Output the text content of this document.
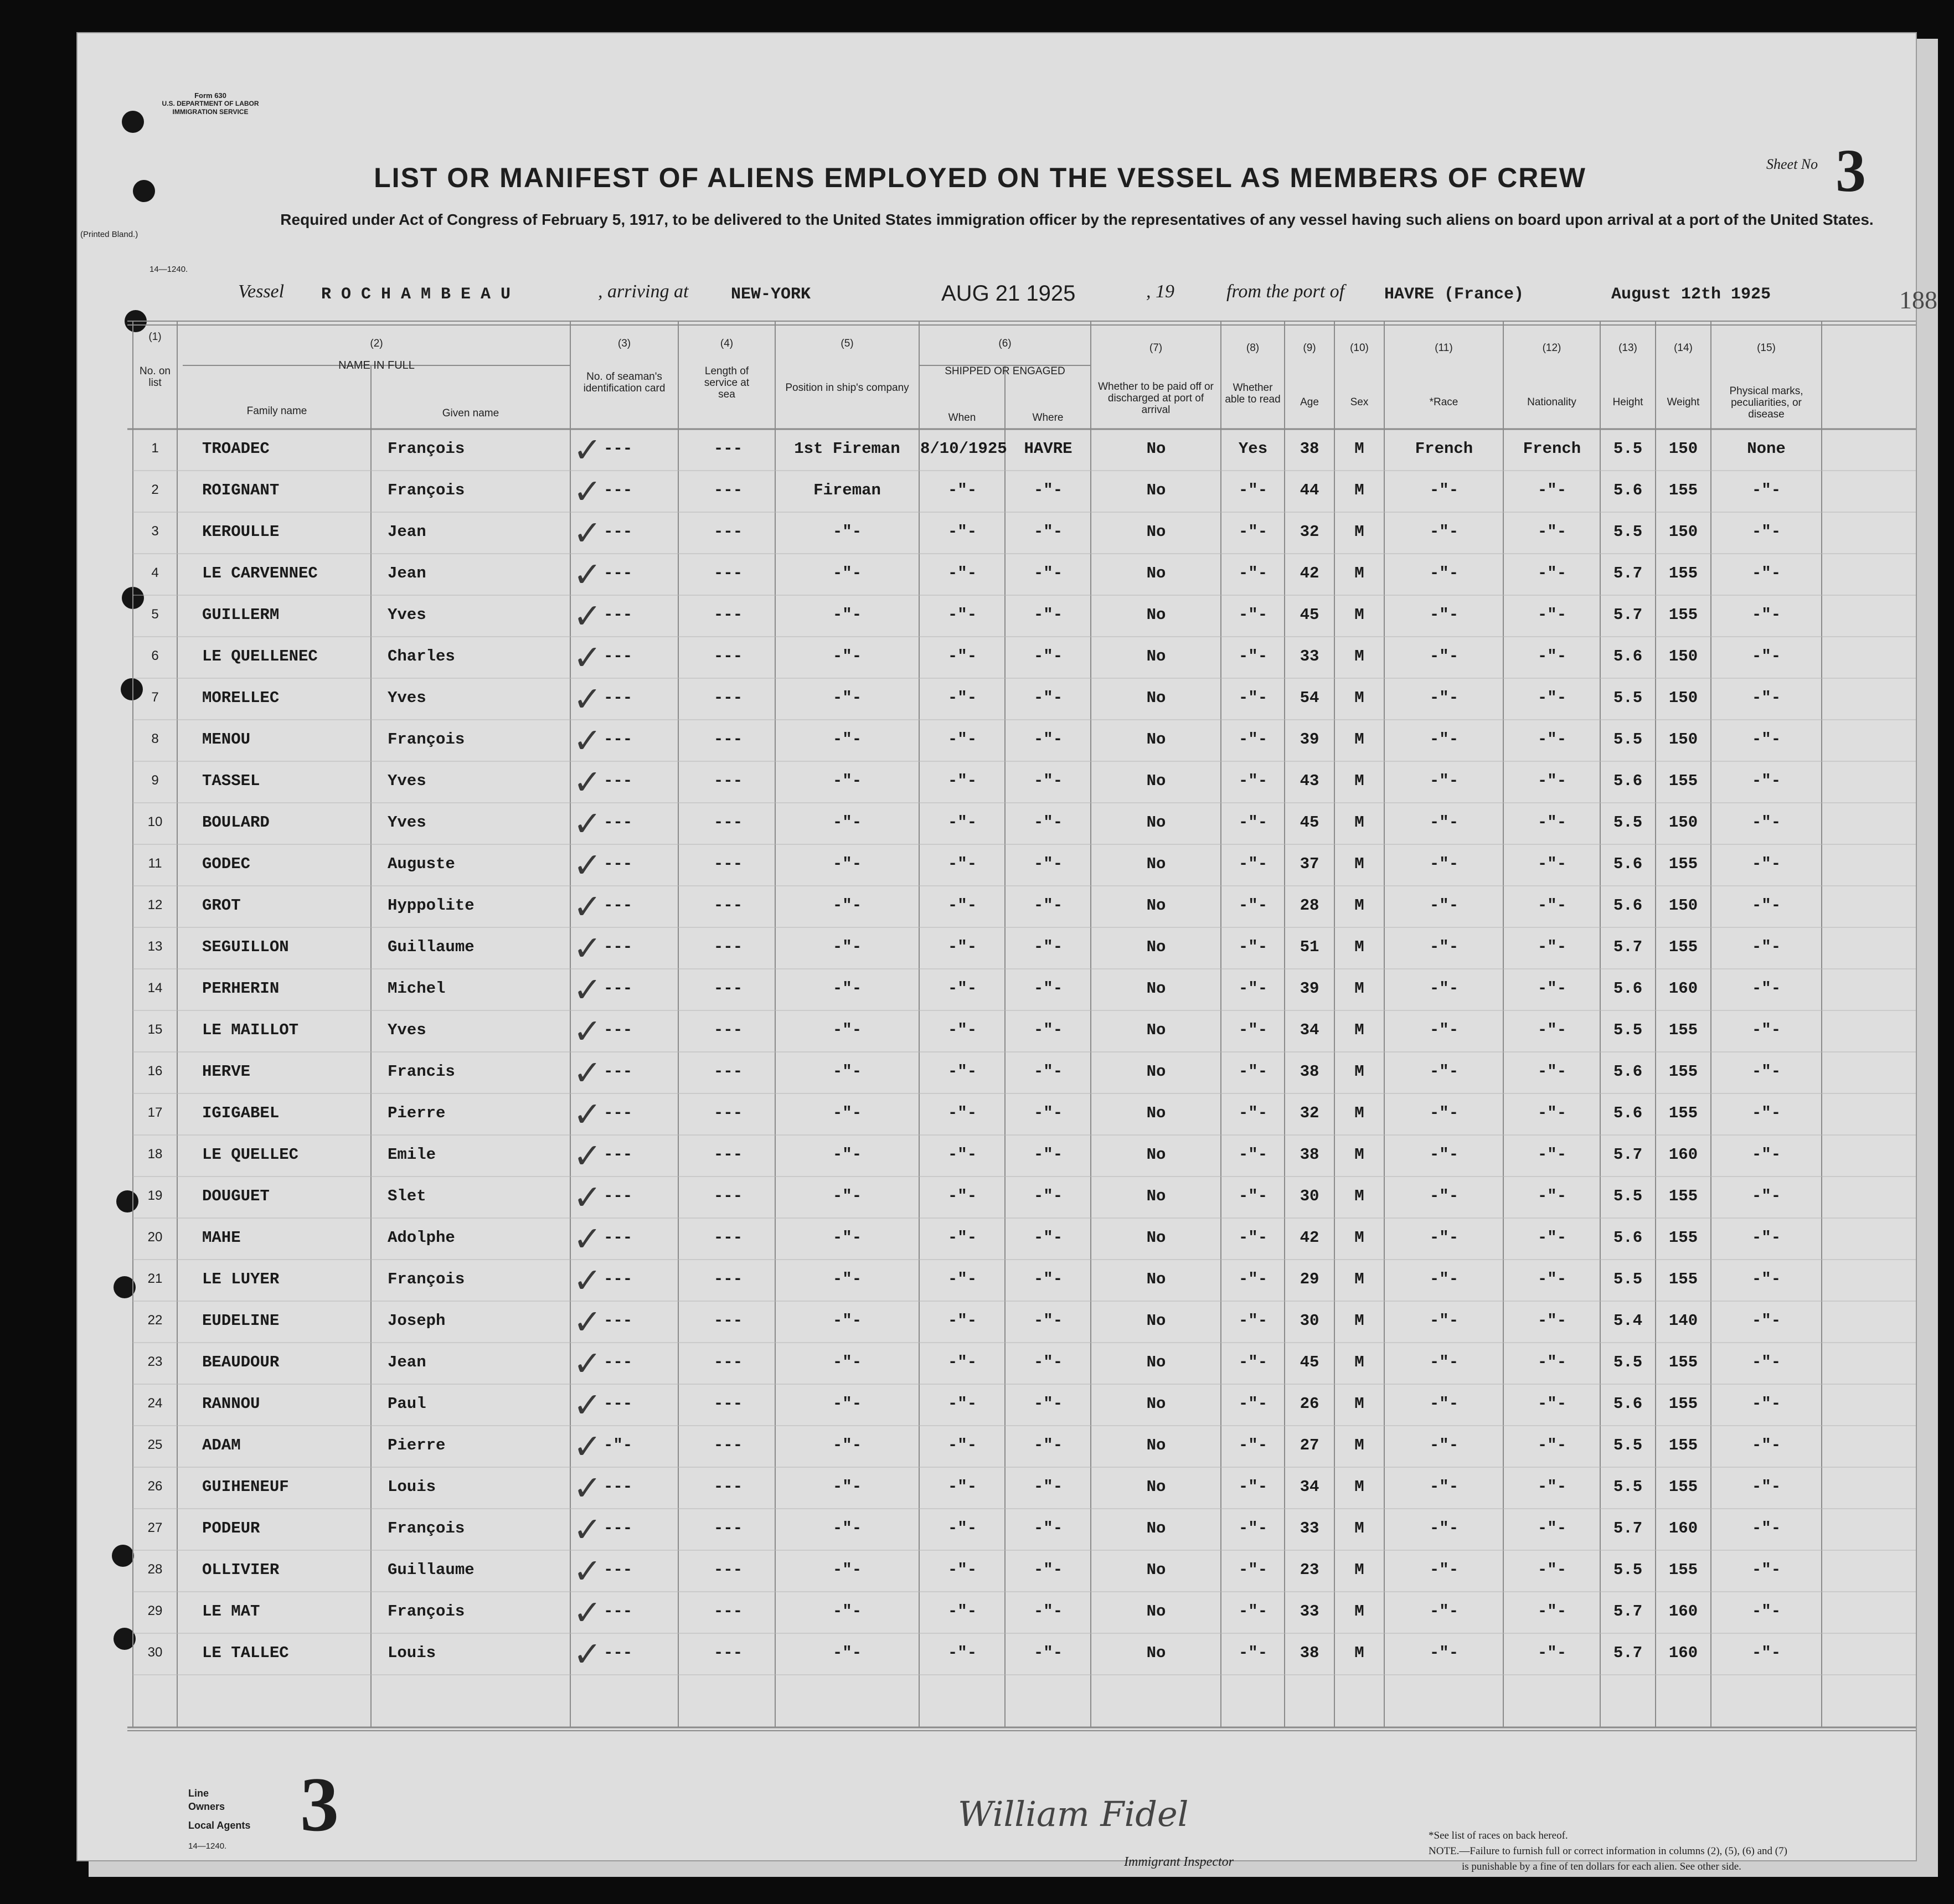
Form 630
U.S. DEPARTMENT OF LABOR
IMMIGRATION SERVICE
(Printed Bland.)
14—1240.
LIST OR MANIFEST OF ALIENS EMPLOYED ON THE VESSEL AS MEMBERS OF CREW	Sheet No 3
Required under Act of Congress of February 5, 1917, to be delivered to the United States immigration officer by the representatives of any vessel having such aliens on board upon arrival at a port of the United States.
Vessel R O C H A M B E A U	, arriving at	NEW-YORK	AUG 21 1925	, 19	from the port of HAVRE (France)	August 12th 1925	188
(1)
No. on list
(2)
NAME IN FULL
Family name	Given name
(3)
No. of seaman's identification card
(4)
Length of service at sea
(5)
Position in ship's company
(6)
SHIPPED OR ENGAGED
When	Where
(7)
Whether to be paid off or discharged at port of arrival
(8)
Whether able to read
(9)
Age
(10)
Sex
(11)
*Race
(12)
Nationality
(13)
Height
(14)
Weight
(15)
Physical marks, peculiarities, or disease
✓
1	TROADEC	François	---	---	1st Fireman	8/10/1925	HAVRE	No	Yes	38	M	French	French	5.5	150	None
✓
2	ROIGNANT	François	---	---	Fireman	-"-	-"-	No	-"-	44	M	-"-	-"-	5.6	155	-"-
✓
3	KEROULLE	Jean	---	---	-"-	-"-	-"-	No	-"-	32	M	-"-	-"-	5.5	150	-"-
✓
4	LE CARVENNEC	Jean	---	---	-"-	-"-	-"-	No	-"-	42	M	-"-	-"-	5.7	155	-"-
✓
5	GUILLERM	Yves	---	---	-"-	-"-	-"-	No	-"-	45	M	-"-	-"-	5.7	155	-"-
✓
6	LE QUELLENEC	Charles	---	---	-"-	-"-	-"-	No	-"-	33	M	-"-	-"-	5.6	150	-"-
✓
7	MORELLEC	Yves	---	---	-"-	-"-	-"-	No	-"-	54	M	-"-	-"-	5.5	150	-"-
✓
8	MENOU	François	---	---	-"-	-"-	-"-	No	-"-	39	M	-"-	-"-	5.5	150	-"-
✓
9	TASSEL	Yves	---	---	-"-	-"-	-"-	No	-"-	43	M	-"-	-"-	5.6	155	-"-
✓
10	BOULARD	Yves	---	---	-"-	-"-	-"-	No	-"-	45	M	-"-	-"-	5.5	150	-"-
✓
11	GODEC	Auguste	---	---	-"-	-"-	-"-	No	-"-	37	M	-"-	-"-	5.6	155	-"-
✓
12	GROT	Hyppolite	---	---	-"-	-"-	-"-	No	-"-	28	M	-"-	-"-	5.6	150	-"-
✓
13	SEGUILLON	Guillaume	---	---	-"-	-"-	-"-	No	-"-	51	M	-"-	-"-	5.7	155	-"-
✓
14	PERHERIN	Michel	---	---	-"-	-"-	-"-	No	-"-	39	M	-"-	-"-	5.6	160	-"-
✓
15	LE MAILLOT	Yves	---	---	-"-	-"-	-"-	No	-"-	34	M	-"-	-"-	5.5	155	-"-
✓
16	HERVE	Francis	---	---	-"-	-"-	-"-	No	-"-	38	M	-"-	-"-	5.6	155	-"-
✓
17	IGIGABEL	Pierre	---	---	-"-	-"-	-"-	No	-"-	32	M	-"-	-"-	5.6	155	-"-
✓
18	LE QUELLEC	Emile	---	---	-"-	-"-	-"-	No	-"-	38	M	-"-	-"-	5.7	160	-"-
✓
19	DOUGUET	Slet	---	---	-"-	-"-	-"-	No	-"-	30	M	-"-	-"-	5.5	155	-"-
✓
20	MAHE	Adolphe	---	---	-"-	-"-	-"-	No	-"-	42	M	-"-	-"-	5.6	155	-"-
✓
21	LE LUYER	François	---	---	-"-	-"-	-"-	No	-"-	29	M	-"-	-"-	5.5	155	-"-
✓
22	EUDELINE	Joseph	---	---	-"-	-"-	-"-	No	-"-	30	M	-"-	-"-	5.4	140	-"-
✓
23	BEAUDOUR	Jean	---	---	-"-	-"-	-"-	No	-"-	45	M	-"-	-"-	5.5	155	-"-
✓
24	RANNOU	Paul	---	---	-"-	-"-	-"-	No	-"-	26	M	-"-	-"-	5.6	155	-"-
✓
25	ADAM	Pierre	-"-	---	-"-	-"-	-"-	No	-"-	27	M	-"-	-"-	5.5	155	-"-
✓
26	GUIHENEUF	Louis	---	---	-"-	-"-	-"-	No	-"-	34	M	-"-	-"-	5.5	155	-"-
✓
27	PODEUR	François	---	---	-"-	-"-	-"-	No	-"-	33	M	-"-	-"-	5.7	160	-"-
✓
28	OLLIVIER	Guillaume	---	---	-"-	-"-	-"-	No	-"-	23	M	-"-	-"-	5.5	155	-"-
✓
29	LE MAT	François	---	---	-"-	-"-	-"-	No	-"-	33	M	-"-	-"-	5.7	160	-"-
✓
30	LE TALLEC	Louis	---	---	-"-	-"-	-"-	No	-"-	38	M	-"-	-"-	5.7	160	-"-
Line
Owners
Local Agents
14—1240. 3	William Fidel
Immigrant Inspector
*See list of races on back hereof.
NOTE.—Failure to furnish full or correct information in columns (2), (5), (6) and (7)
is punishable by a fine of ten dollars for each alien. See other side.
